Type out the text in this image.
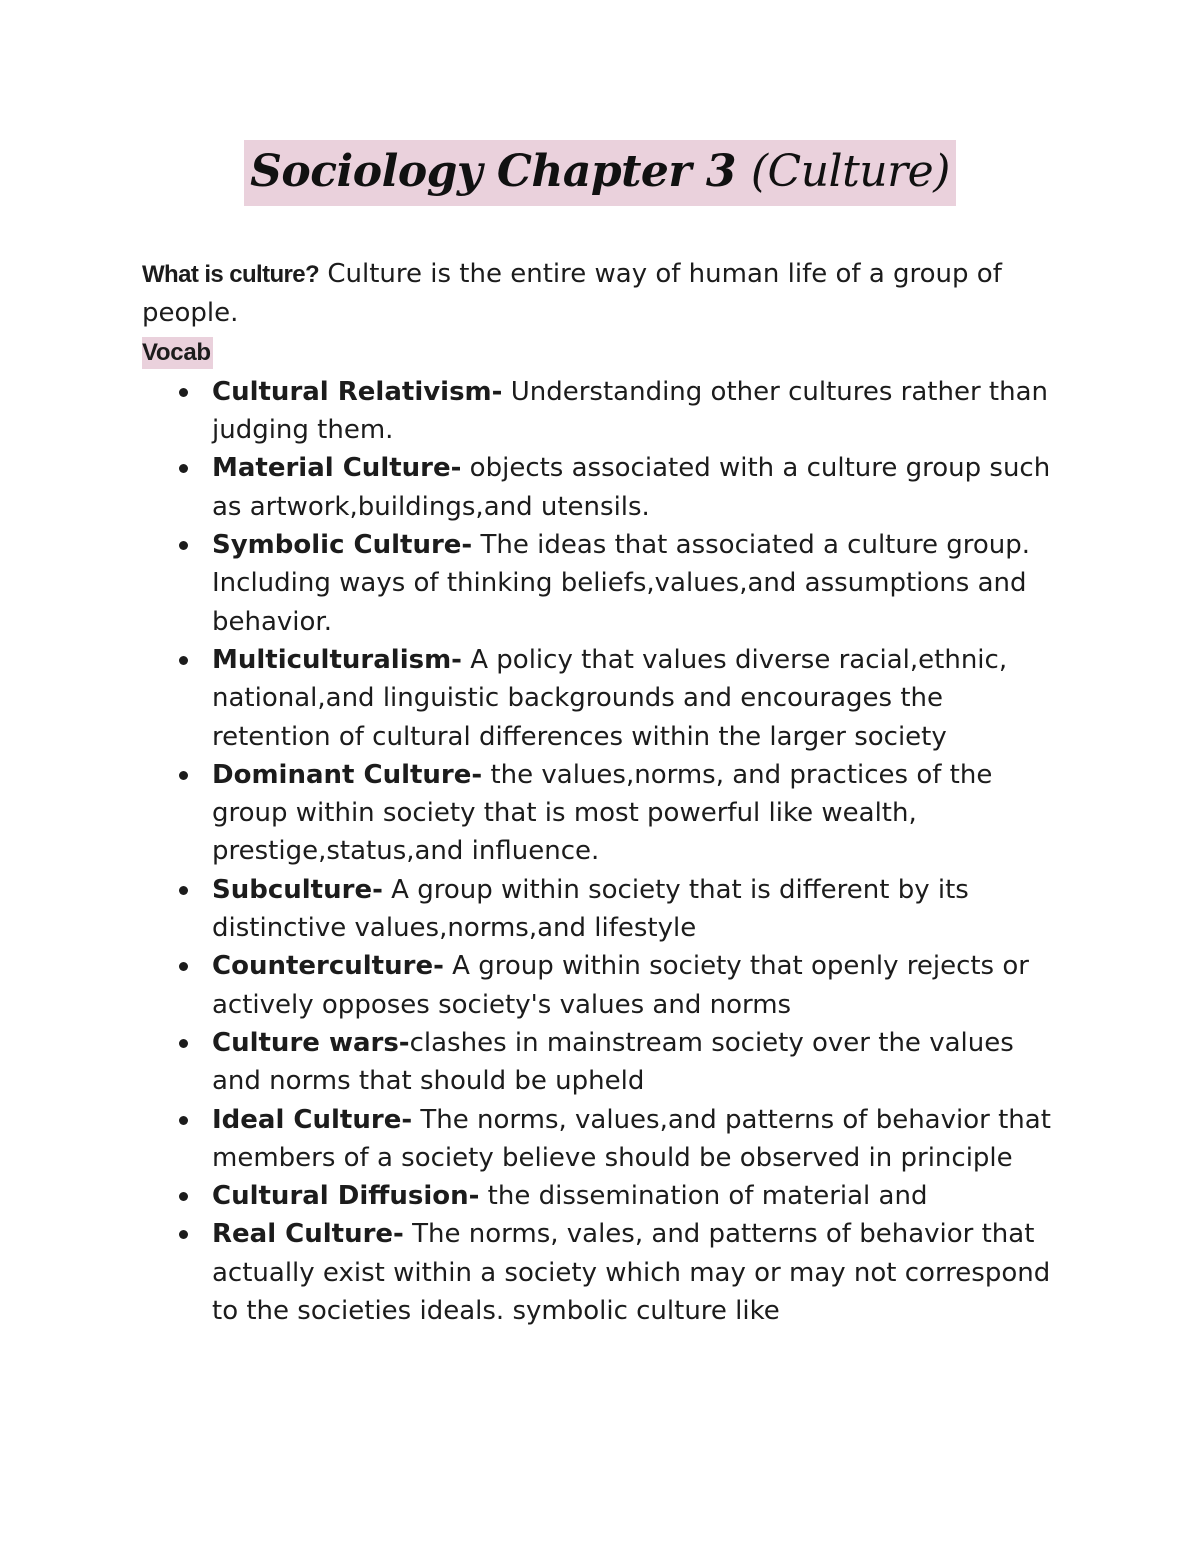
Sociology Chapter 3 (Culture)

What is culture? Culture is the entire way of human life of a group of people.

Vocab
Cultural Relativism- Understanding other cultures rather than judging them.
Material Culture- objects associated with a culture group such as artwork,buildings,and utensils.
Symbolic Culture- The ideas that associated a culture group. Including ways of thinking beliefs,values,and assumptions and behavior.
Multiculturalism- A policy that values diverse racial,ethnic, national,and linguistic backgrounds and encourages the retention of cultural differences within the larger society
Dominant Culture- the values,norms, and practices of the group within society that is most powerful like wealth, prestige,status,and influence.
Subculture- A group within society that is different by its distinctive values,norms,and lifestyle
Counterculture- A group within society that openly rejects or actively opposes society's values and norms
Culture wars-clashes in mainstream society over the values and norms that should be upheld
Ideal Culture- The norms, values,and patterns of behavior that members of a society believe should be observed in principle
Cultural Diffusion- the dissemination of material and
Real Culture- The norms, vales, and patterns of behavior that actually exist within a society which may or may not correspond to the societies ideals. symbolic culture like
